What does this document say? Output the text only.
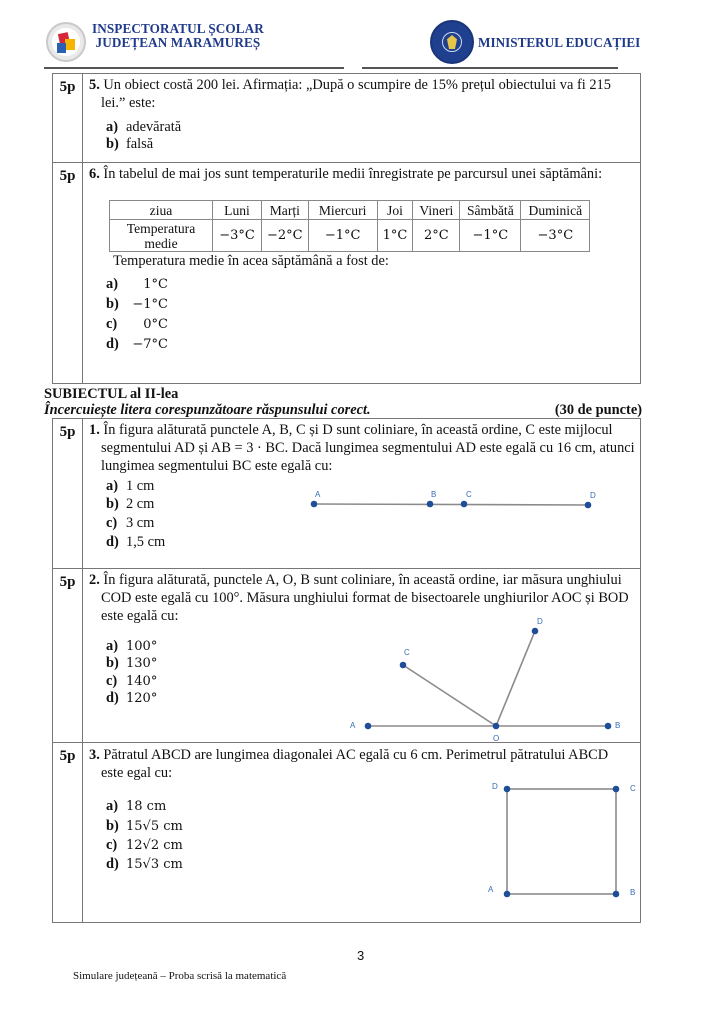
INSPECTORATUL ȘCOLAR
JUDEȚEAN MARAMUREȘ	MINISTERUL EDUCAȚIEI
5p 5. Un obiect costă 200 lei. Afirmația: „După o scumpire de 15% prețul obiectului va fi 215
lei.” este:
a) adevărată
b) falsă
5p 6. În tabelul de mai jos sunt temperaturile medii înregistrate pe parcursul unei săptămâni:
ziua	Luni	Marți	Miercuri	Joi	Vineri	Sâmbătă	Duminică

Temperatura
medie	−3°C	−2°C	−1°C	1°C	2°C	−1°C	−3°C
Temperatura medie în acea săptămână a fost de:
a) 1°C
b) −1°C
c) 0°C
d) −7°C
SUBIECTUL al II-lea
Încercuiește litera corespunzătoare răspunsului corect.	(30 de puncte)
5p 1. În figura alăturată punctele A, B, C și D sunt coliniare, în această ordine, C este mijlocul
segmentului AD și AB = 3 · BC. Dacă lungimea segmentului AD este egală cu 16 cm, atunci
lungimea segmentului BC este egală cu:
a) 1 cm
b) 2 cm
c) 3 cm
d) 1,5 cm
A	B	C	D
5p 2. În figura alăturată, punctele A, O, B sunt coliniare, în această ordine, iar măsura unghiului
COD este egală cu 100°. Măsura unghiului format de bisectoarele unghiurilor AOC și BOD
este egală cu:
a) 100°
b) 130°
c) 140°
d) 120°
A
O
B
C
D
5p 3. Pătratul ABCD are lungimea diagonalei AC egală cu 6 cm. Perimetrul pătratului ABCD
este egal cu:
a) 18 cm
b) 15√5 cm
c) 12√2 cm
d) 15√3 cm
A	B
C
D
3
Simulare județeană – Proba scrisă la matematică
